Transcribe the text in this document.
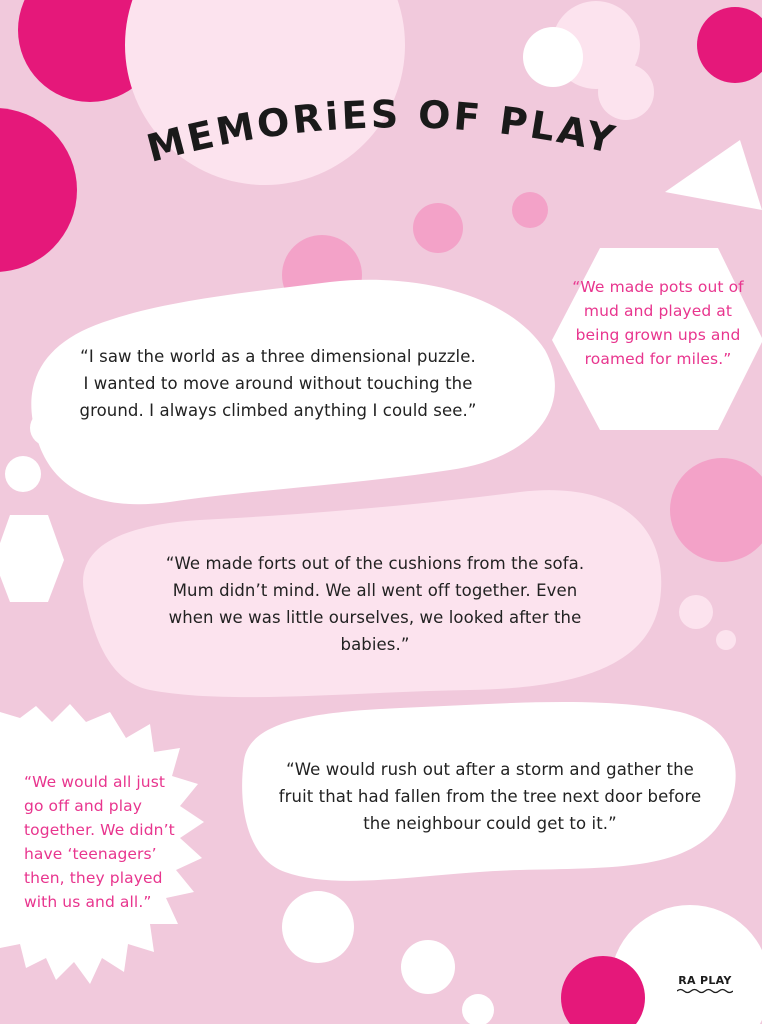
MEMORiES OF PLAY

“I saw the world as a three dimensional puzzle. I wanted to move around without touching the ground. I always climbed anything I could see.”

“We made pots out of mud and played at being grown ups and roamed for miles.”

“We made forts out of the cushions from the sofa. Mum didn’t mind. We all went off together. Even when we was little ourselves, we looked after the babies.”

“We would rush out after a storm and gather the fruit that had fallen from the tree next door before the neighbour could get to it.”

“We would all just go off and play together. We didn’t have ‘teenagers’ then, they played with us and all.”

RA PLAY
